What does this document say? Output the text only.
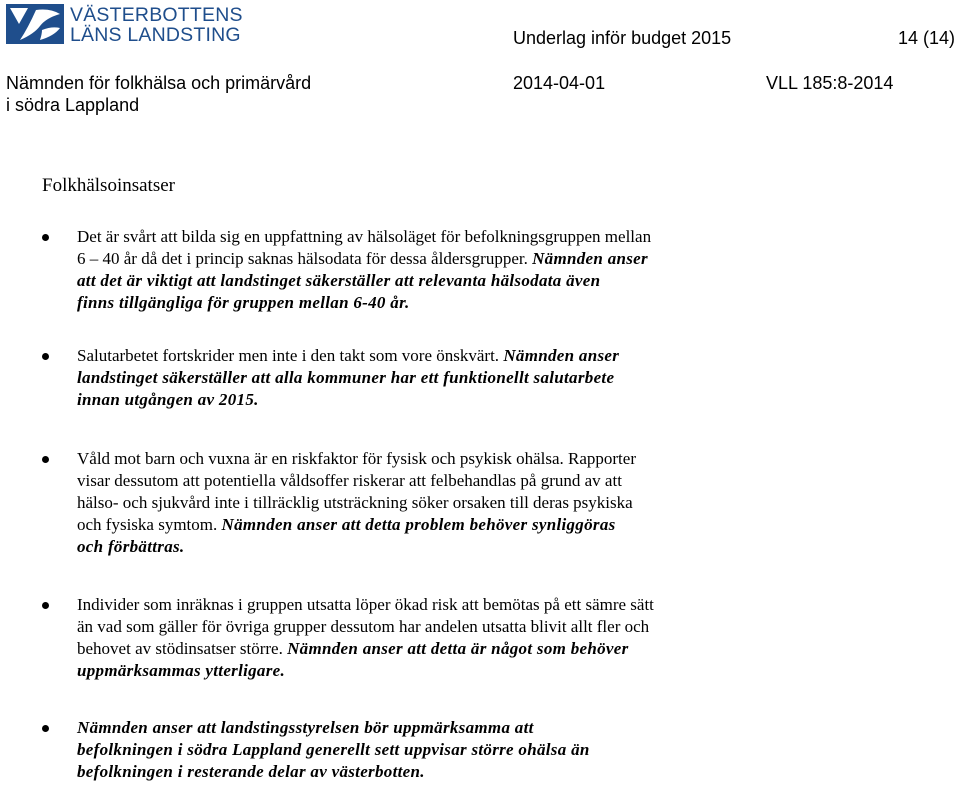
VÄSTERBOTTENS
LÄNS LANDSTING	Underlag inför budget 2015	14 (14)
Nämnden för folkhälsa och primärvård
i södra Lappland
2014-04-01	VLL 185:8-2014
Folkhälsoinsatser
Det är svårt att bilda sig en uppfattning av hälsoläget för befolkningsgruppen mellan
6 – 40 år då det i princip saknas hälsodata för dessa åldersgrupper. Nämnden anser
att det är viktigt att landstinget säkerställer att relevanta hälsodata även
finns tillgängliga för gruppen mellan 6-40 år.
Salutarbetet fortskrider men inte i den takt som vore önskvärt. Nämnden anser
landstinget säkerställer att alla kommuner har ett funktionellt salutarbete
innan utgången av 2015.
Våld mot barn och vuxna är en riskfaktor för fysisk och psykisk ohälsa. Rapporter
visar dessutom att potentiella våldsoffer riskerar att felbehandlas på grund av att
hälso- och sjukvård inte i tillräcklig utsträckning söker orsaken till deras psykiska
och fysiska symtom. Nämnden anser att detta problem behöver synliggöras
och förbättras.
Individer som inräknas i gruppen utsatta löper ökad risk att bemötas på ett sämre sätt
än vad som gäller för övriga grupper dessutom har andelen utsatta blivit allt fler och
behovet av stödinsatser större. Nämnden anser att detta är något som behöver
uppmärksammas ytterligare.
Nämnden anser att landstingsstyrelsen bör uppmärksamma att
befolkningen i södra Lappland generellt sett uppvisar större ohälsa än
befolkningen i resterande delar av västerbotten.
